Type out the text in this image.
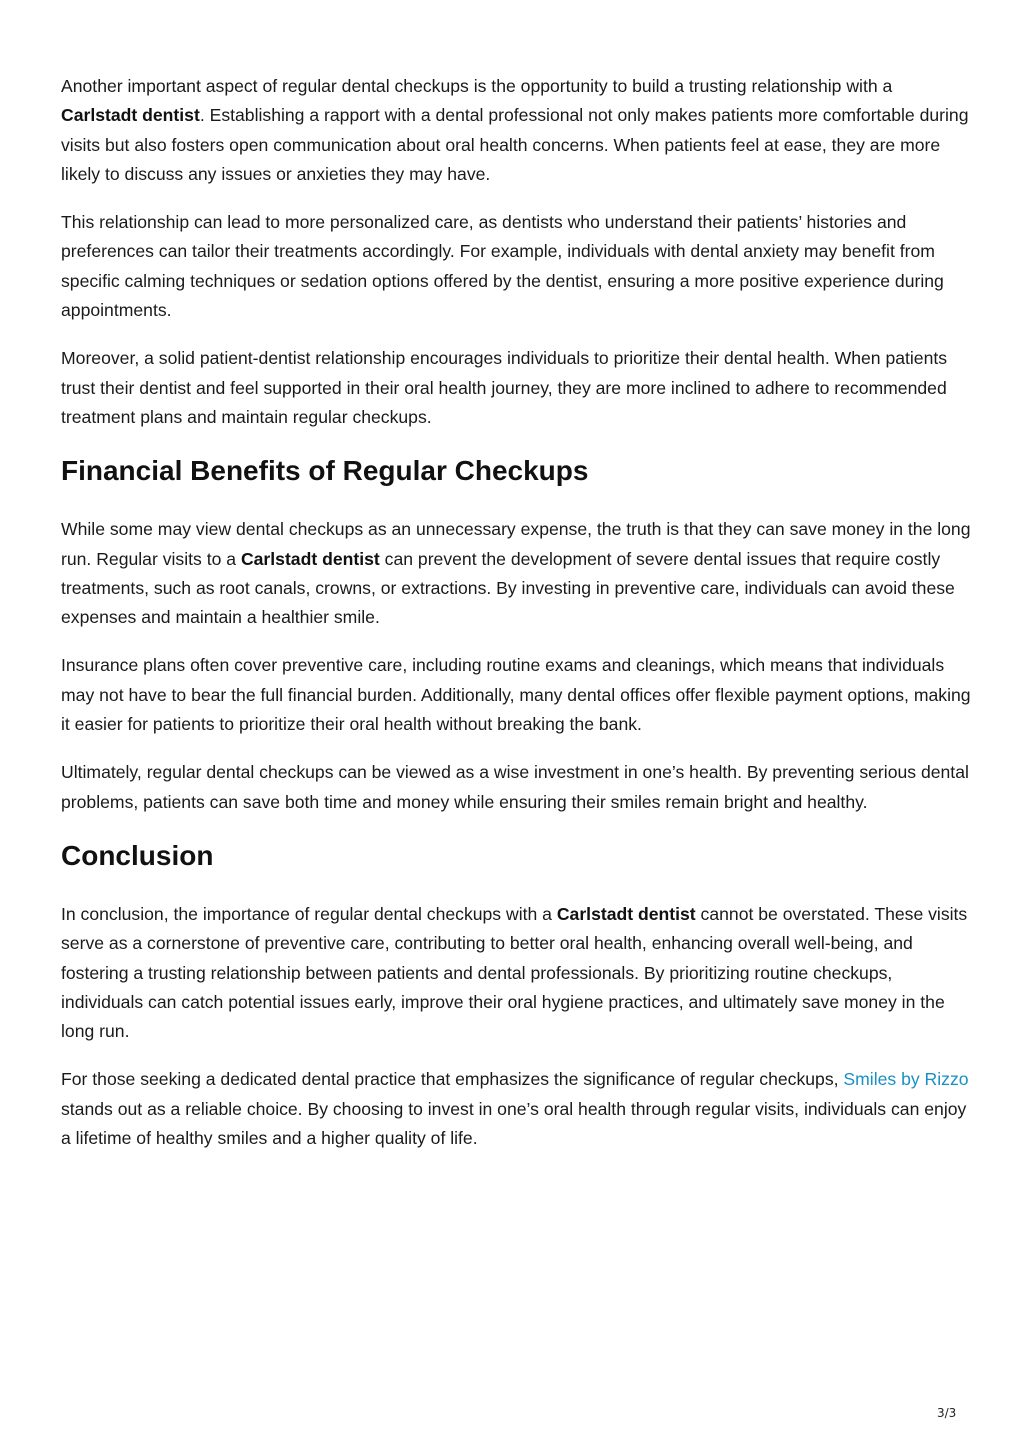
Another important aspect of regular dental checkups is the opportunity to build a trusting relationship with a Carlstadt dentist. Establishing a rapport with a dental professional not only makes patients more comfortable during visits but also fosters open communication about oral health concerns. When patients feel at ease, they are more likely to discuss any issues or anxieties they may have.

This relationship can lead to more personalized care, as dentists who understand their patients’ histories and preferences can tailor their treatments accordingly. For example, individuals with dental anxiety may benefit from specific calming techniques or sedation options offered by the dentist, ensuring a more positive experience during appointments.

Moreover, a solid patient-dentist relationship encourages individuals to prioritize their dental health. When patients trust their dentist and feel supported in their oral health journey, they are more inclined to adhere to recommended treatment plans and maintain regular checkups.

Financial Benefits of Regular Checkups

While some may view dental checkups as an unnecessary expense, the truth is that they can save money in the long run. Regular visits to a Carlstadt dentist can prevent the development of severe dental issues that require costly treatments, such as root canals, crowns, or extractions. By investing in preventive care, individuals can avoid these expenses and maintain a healthier smile.

Insurance plans often cover preventive care, including routine exams and cleanings, which means that individuals may not have to bear the full financial burden. Additionally, many dental offices offer flexible payment options, making it easier for patients to prioritize their oral health without breaking the bank.

Ultimately, regular dental checkups can be viewed as a wise investment in one’s health. By preventing serious dental problems, patients can save both time and money while ensuring their smiles remain bright and healthy.

Conclusion

In conclusion, the importance of regular dental checkups with a Carlstadt dentist cannot be overstated. These visits serve as a cornerstone of preventive care, contributing to better oral health, enhancing overall well-being, and fostering a trusting relationship between patients and dental professionals. By prioritizing routine checkups, individuals can catch potential issues early, improve their oral hygiene practices, and ultimately save money in the long run.

For those seeking a dedicated dental practice that emphasizes the significance of regular checkups, Smiles by Rizzo stands out as a reliable choice. By choosing to invest in one’s oral health through regular visits, individuals can enjoy a lifetime of healthy smiles and a higher quality of life.

3/3
